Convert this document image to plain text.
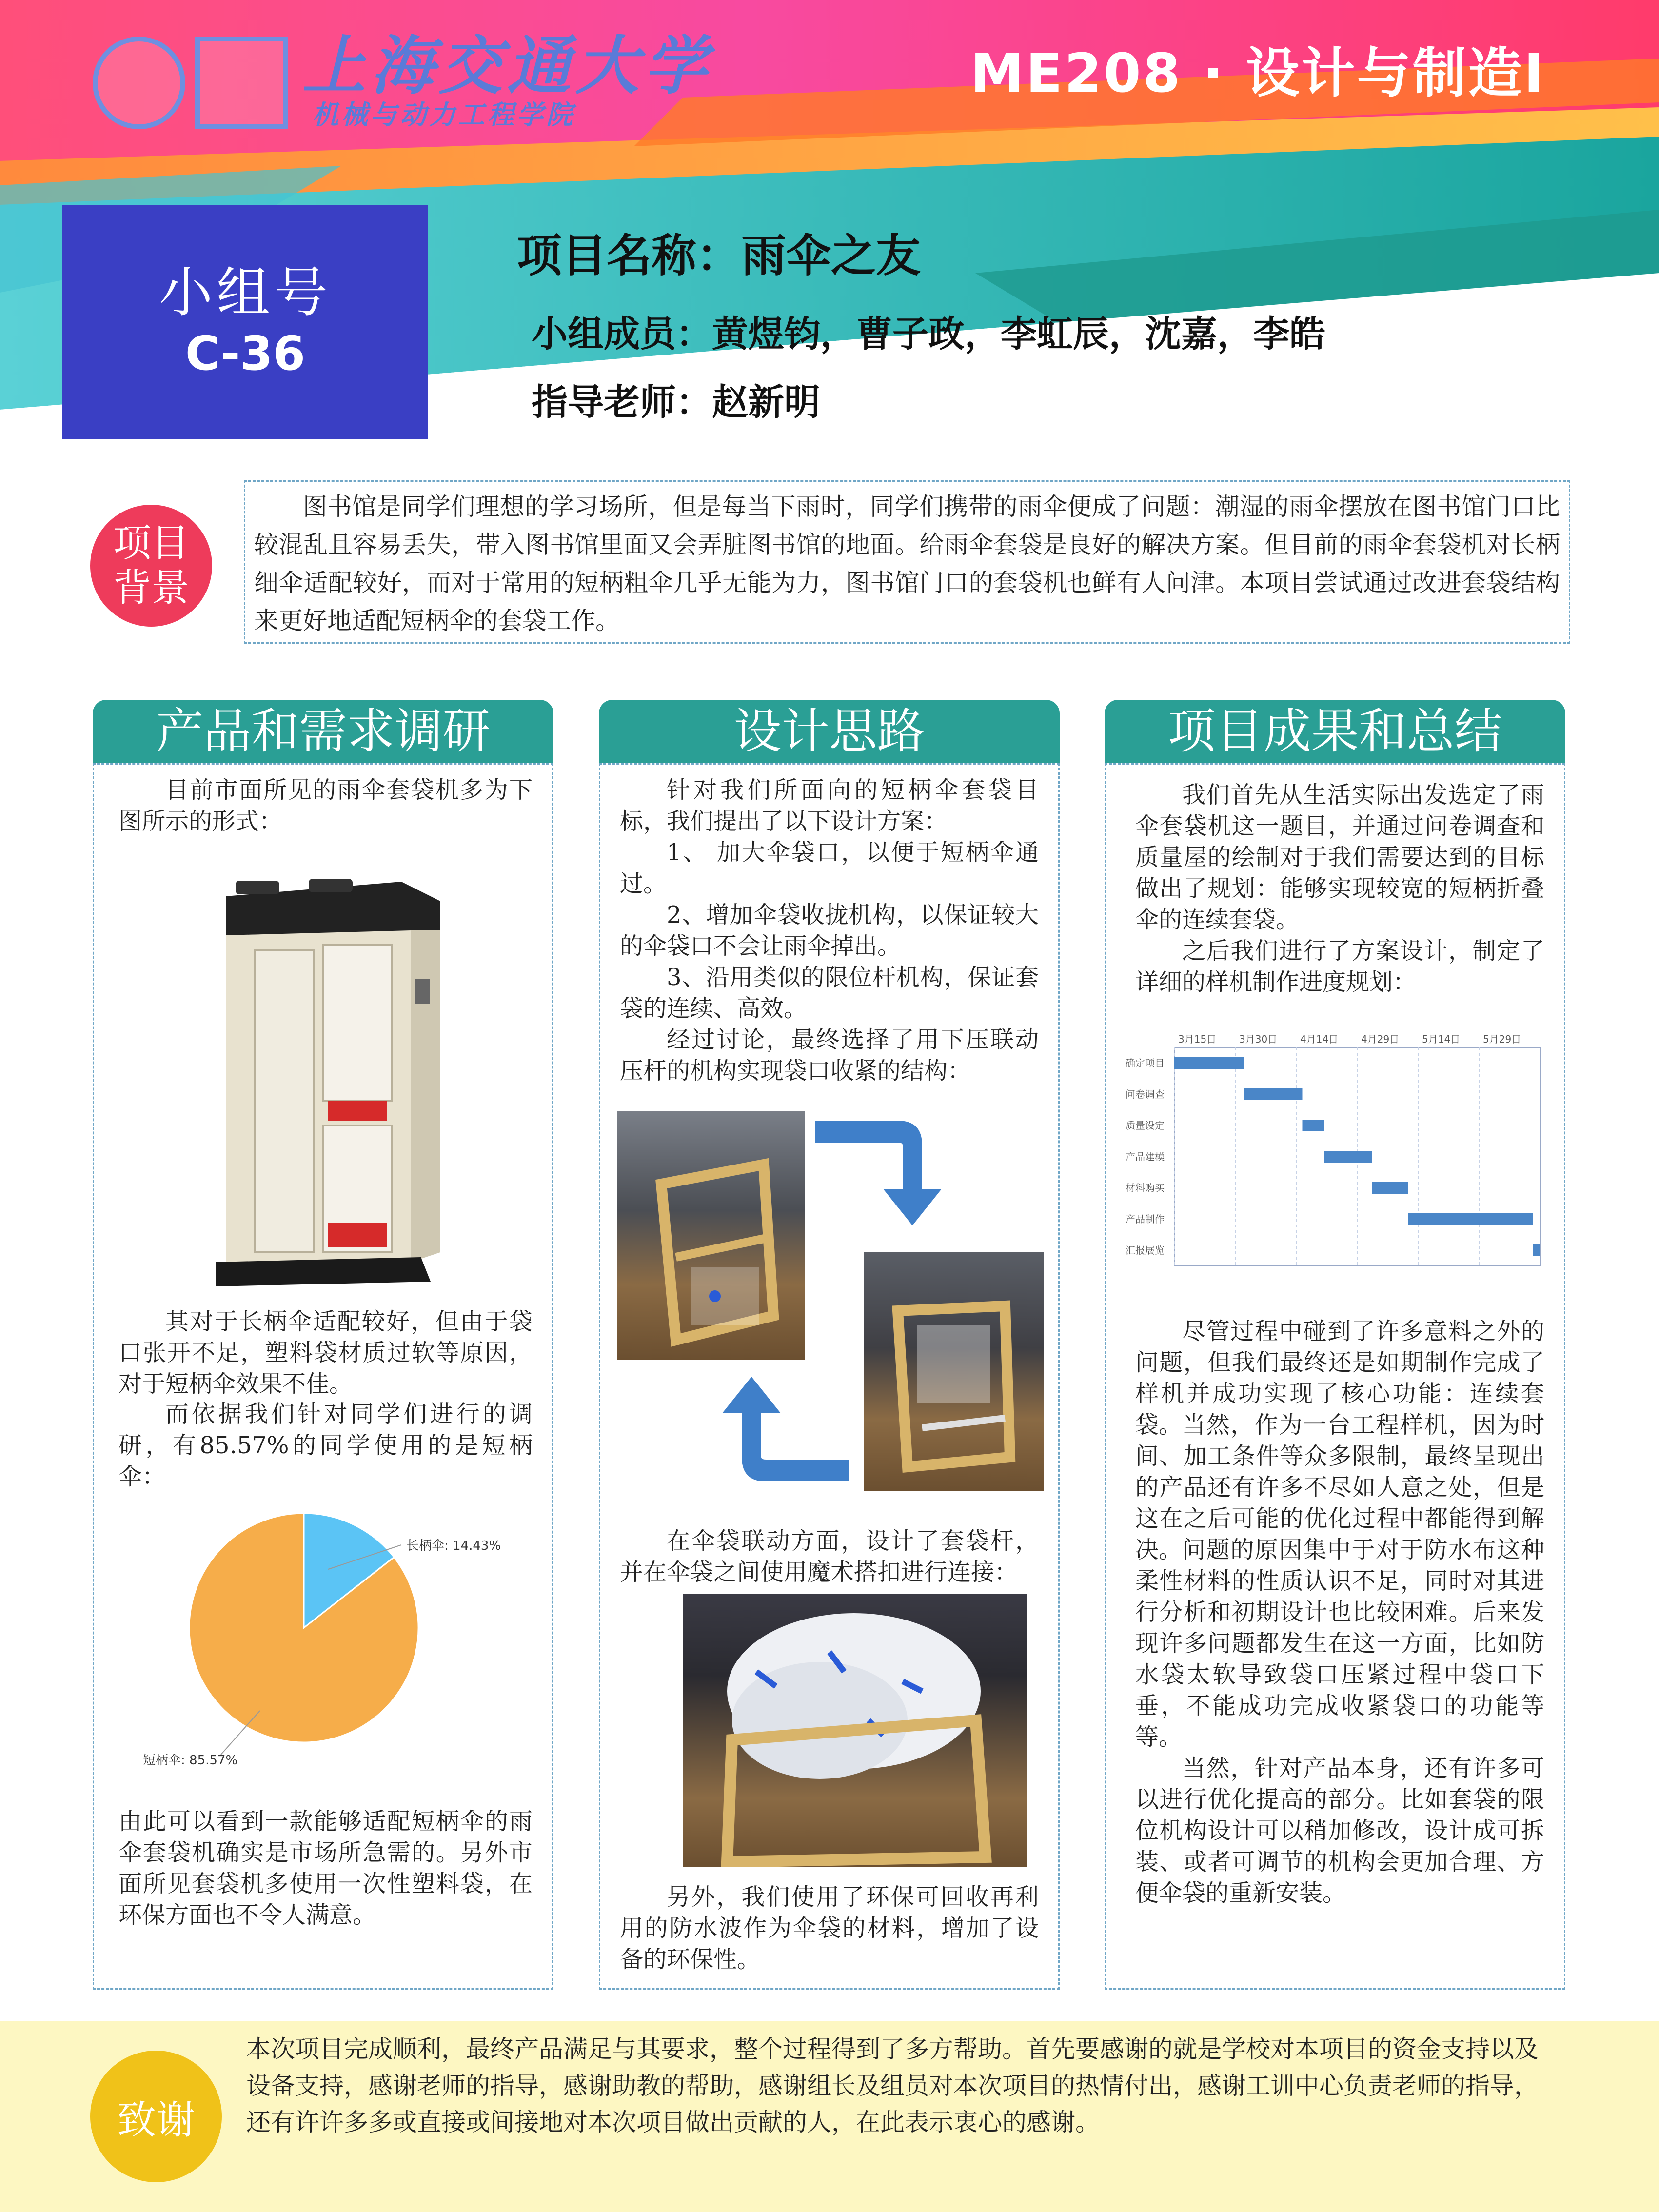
上海交通大学
机械与动力工程学院
ME208 · 设计与制造Ⅰ
小组号
C-36
项目名称：雨伞之友
小组成员：黄煜钧，曹子政，李虹辰，沈嘉，李皓
指导老师：赵新明
项目
背景
图书馆是同学们理想的学习场所，但是每当下雨时，同学们携带的雨伞便成了问题：潮湿的雨伞摆放在图书馆门口比较混乱且容易丢失，带入图书馆里面又会弄脏图书馆的地面。给雨伞套袋是良好的解决方案。但目前的雨伞套袋机对长柄细伞适配较好，而对于常用的短柄粗伞几乎无能为力，图书馆门口的套袋机也鲜有人问津。本项目尝试通过改进套袋结构来更好地适配短柄伞的套袋工作。
产品和需求调研
目前市面所见的雨伞套袋机多为下图所示的形式：
其对于长柄伞适配较好，但由于袋口张开不足，塑料袋材质过软等原因，对于短柄伞效果不佳。
而依据我们针对同学们进行的调研，有85.57%的同学使用的是短柄伞：
长柄伞: 14.43%
短柄伞: 85.57%
由此可以看到一款能够适配短柄伞的雨伞套袋机确实是市场所急需的。另外市面所见套袋机多使用一次性塑料袋，在环保方面也不令人满意。
设计思路
针对我们所面向的短柄伞套袋目标，我们提出了以下设计方案：
1、 加大伞袋口，以便于短柄伞通过。
2、增加伞袋收拢机构，以保证较大的伞袋口不会让雨伞掉出。
3、沿用类似的限位杆机构，保证套袋的连续、高效。
经过讨论，最终选择了用下压联动压杆的机构实现袋口收紧的结构：
在伞袋联动方面，设计了套袋杆，并在伞袋之间使用魔术搭扣进行连接：
另外，我们使用了环保可回收再利用的防水波作为伞袋的材料，增加了设备的环保性。
项目成果和总结
我们首先从生活实际出发选定了雨伞套袋机这一题目，并通过问卷调查和质量屋的绘制对于我们需要达到的目标做出了规划：能够实现较宽的短柄折叠伞的连续套袋。
之后我们进行了方案设计，制定了详细的样机制作进度规划：
3月15日 3月30日 4月14日 4月29日 5月14日 5月29日
确定项目
问卷调查
质量设定
产品建模
材料购买
产品制作
汇报展览
尽管过程中碰到了许多意料之外的问题，但我们最终还是如期制作完成了样机并成功实现了核心功能：连续套袋。 当然，作为一台工程样机，因为时间、加工条件等众多限制，最终呈现出的产品还有许多不尽如人意之处，但是这在之后可能的优化过程中都能得到解决。 问题的原因集中于对于防水布这种柔性材料的性质认识不足，同时对其进行分析和初期设计也比较困难。后来发现许多问题都发生在这一方面，比如防水袋太软导致袋口压紧过程中袋口下垂，不能成功完成收紧袋口的功能等等。
当然，针对产品本身，还有许多可以进行优化提高的部分。比如套袋的限位机构设计可以稍加修改，设计成可拆装、或者可调节的机构会更加合理、方便伞袋的重新安装。
致谢
本次项目完成顺利，最终产品满足与其要求，整个过程得到了多方帮助。首先要感谢的就是学校对本项目的资金支持以及设备支持，感谢老师的指导，感谢助教的帮助，感谢组长及组员对本次项目的热情付出，感谢工训中心负责老师的指导，还有许许多多或直接或间接地对本次项目做出贡献的人，在此表示衷心的感谢。
